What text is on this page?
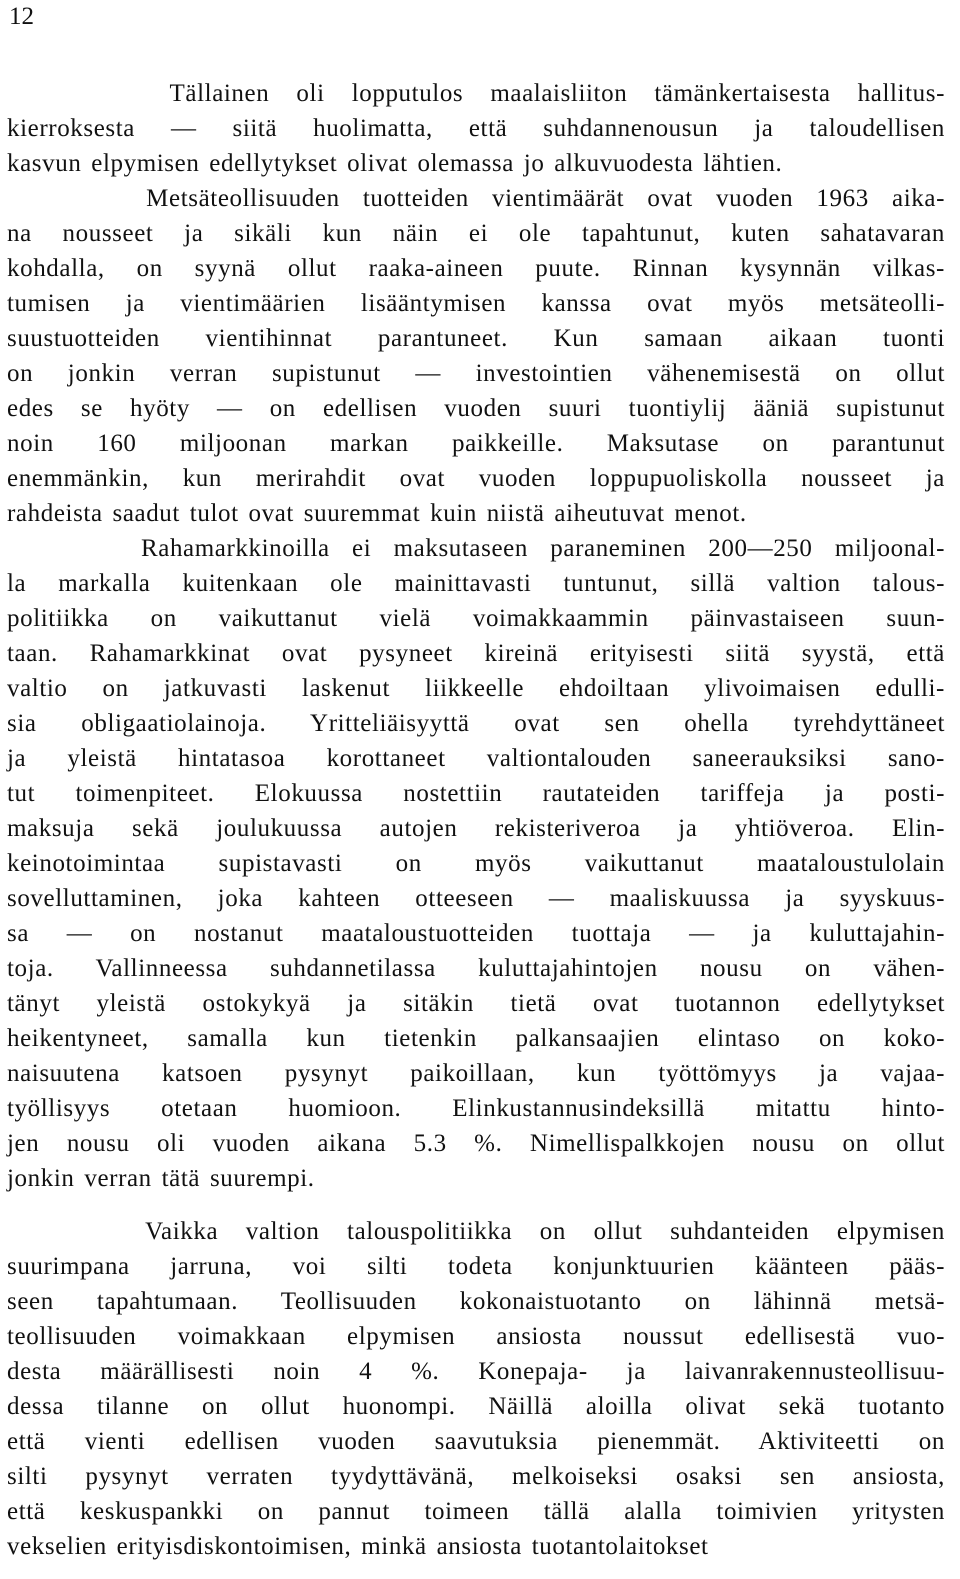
12
Tällainen oli lopputulos maalaisliiton tämänkertaisesta hallitus-
kierroksesta — siitä huolimatta, että suhdannenousun ja taloudellisen
kasvun elpymisen edellytykset olivat olemassa jo alkuvuodesta lähtien.
Metsäteollisuuden tuotteiden vientimäärät ovat vuoden 1963 aika-
na nousseet ja sikäli kun näin ei ole tapahtunut, kuten sahatavaran
kohdalla, on syynä ollut raaka-aineen puute. Rinnan kysynnän vilkas-
tumisen ja vientimäärien lisääntymisen kanssa ovat myös metsäteolli-
suustuotteiden vientihinnat parantuneet. Kun samaan aikaan tuonti
on jonkin verran supistunut — investointien vähenemisestä on ollut
edes se hyöty — on edellisen vuoden suuri tuontiylij ääniä supistunut
noin 160 miljoonan markan paikkeille. Maksutase on parantunut
enemmänkin, kun merirahdit ovat vuoden loppupuoliskolla nousseet ja
rahdeista saadut tulot ovat suuremmat kuin niistä aiheutuvat menot.
Rahamarkkinoilla ei maksutaseen paraneminen 200—250 miljoonal-
la markalla kuitenkaan ole mainittavasti tuntunut, sillä valtion talous-
politiikka on vaikuttanut vielä voimakkaammin päinvastaiseen suun-
taan. Rahamarkkinat ovat pysyneet kireinä erityisesti siitä syystä, että
valtio on jatkuvasti laskenut liikkeelle ehdoiltaan ylivoimaisen edulli-
sia obligaatiolainoja. Yritteliäisyyttä ovat sen ohella tyrehdyttäneet
ja yleistä hintatasoa korottaneet valtiontalouden saneerauksiksi sano-
tut toimenpiteet. Elokuussa nostettiin rautateiden tariffeja ja posti-
maksuja sekä joulukuussa autojen rekisteriveroa ja yhtiöveroa. Elin-
keinotoimintaa supistavasti on myös vaikuttanut maataloustulolain
sovelluttaminen, joka kahteen otteeseen — maaliskuussa ja syyskuus-
sa — on nostanut maataloustuotteiden tuottaja — ja kuluttajahin-
toja. Vallinneessa suhdannetilassa kuluttajahintojen nousu on vähen-
tänyt yleistä ostokykyä ja sitäkin tietä ovat tuotannon edellytykset
heikentyneet, samalla kun tietenkin palkansaajien elintaso on koko-
naisuutena katsoen pysynyt paikoillaan, kun työttömyys ja vajaa-
työllisyys otetaan huomioon. Elinkustannusindeksillä mitattu hinto-
jen nousu oli vuoden aikana 5.3 %. Nimellispalkkojen nousu on ollut
jonkin verran tätä suurempi.
Vaikka valtion talouspolitiikka on ollut suhdanteiden elpymisen
suurimpana jarruna, voi silti todeta konjunktuurien käänteen pääs-
seen tapahtumaan. Teollisuuden kokonaistuotanto on lähinnä metsä-
teollisuuden voimakkaan elpymisen ansiosta noussut edellisestä vuo-
desta määrällisesti noin 4 %. Konepaja- ja laivanrakennusteollisuu-
dessa tilanne on ollut huonompi. Näillä aloilla olivat sekä tuotanto
että vienti edellisen vuoden saavutuksia pienemmät. Aktiviteetti on
silti pysynyt verraten tyydyttävänä, melkoiseksi osaksi sen ansiosta,
että keskuspankki on pannut toimeen tällä alalla toimivien yritysten
vekselien erityisdiskontoimisen, minkä ansiosta tuotantolaitokset
